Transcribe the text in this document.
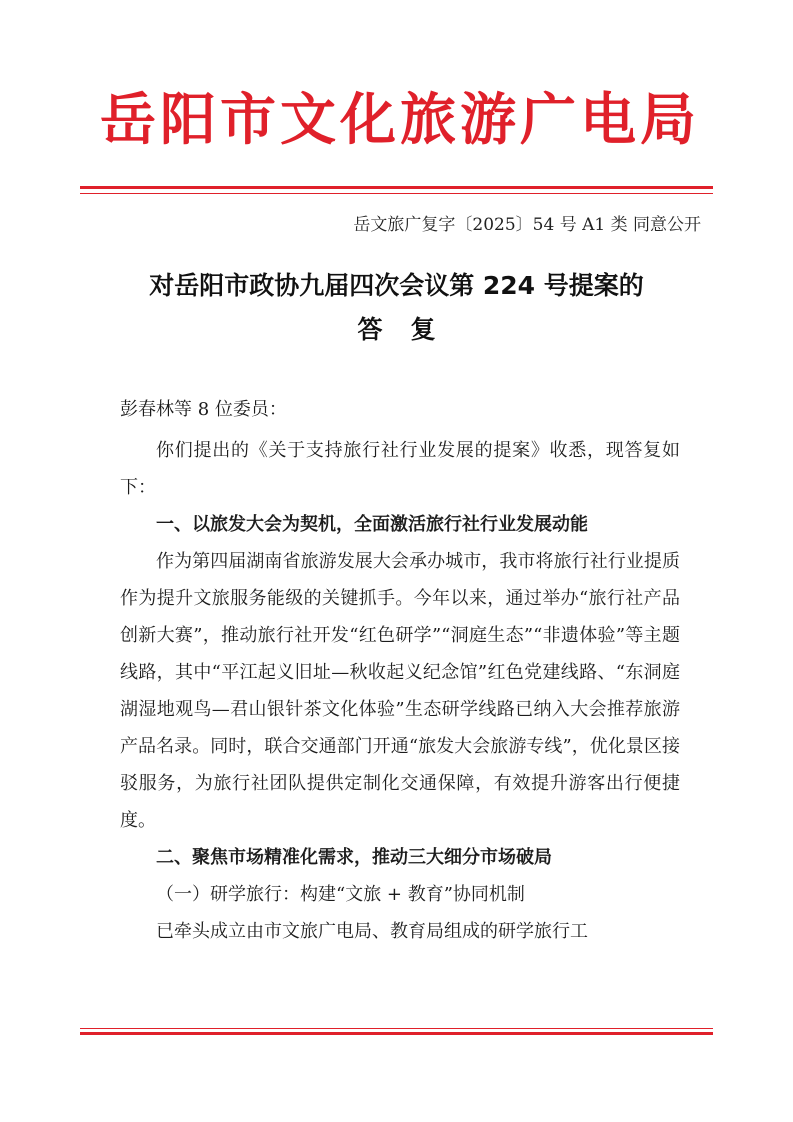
岳阳市文化旅游广电局
岳文旅广复字〔2025〕54 号 A1 类 同意公开
对岳阳市政协九届四次会议第 224 号提案的
答复
彭春林等 8 位委员：

你们提出的《关于支持旅行社行业发展的提案》收悉，现答复如下：

一、以旅发大会为契机，全面激活旅行社行业发展动能

作为第四届湖南省旅游发展大会承办城市，我市将旅行社行业提质作为提升文旅服务能级的关键抓手。今年以来，通过举办“旅行社产品创新大赛”，推动旅行社开发“红色研学”“洞庭生态”“非遗体验”等主题线路，其中“平江起义旧址—秋收起义纪念馆”红色党建线路、“东洞庭湖湿地观鸟—君山银针茶文化体验”生态研学线路已纳入大会推荐旅游产品名录。同时，联合交通部门开通“旅发大会旅游专线”，优化景区接驳服务，为旅行社团队提供定制化交通保障，有效提升游客出行便捷度。

二、聚焦市场精准化需求，推动三大细分市场破局

（一）研学旅行：构建“文旅 + 教育”协同机制

已牵头成立由市文旅广电局、教育局组成的研学旅行工
